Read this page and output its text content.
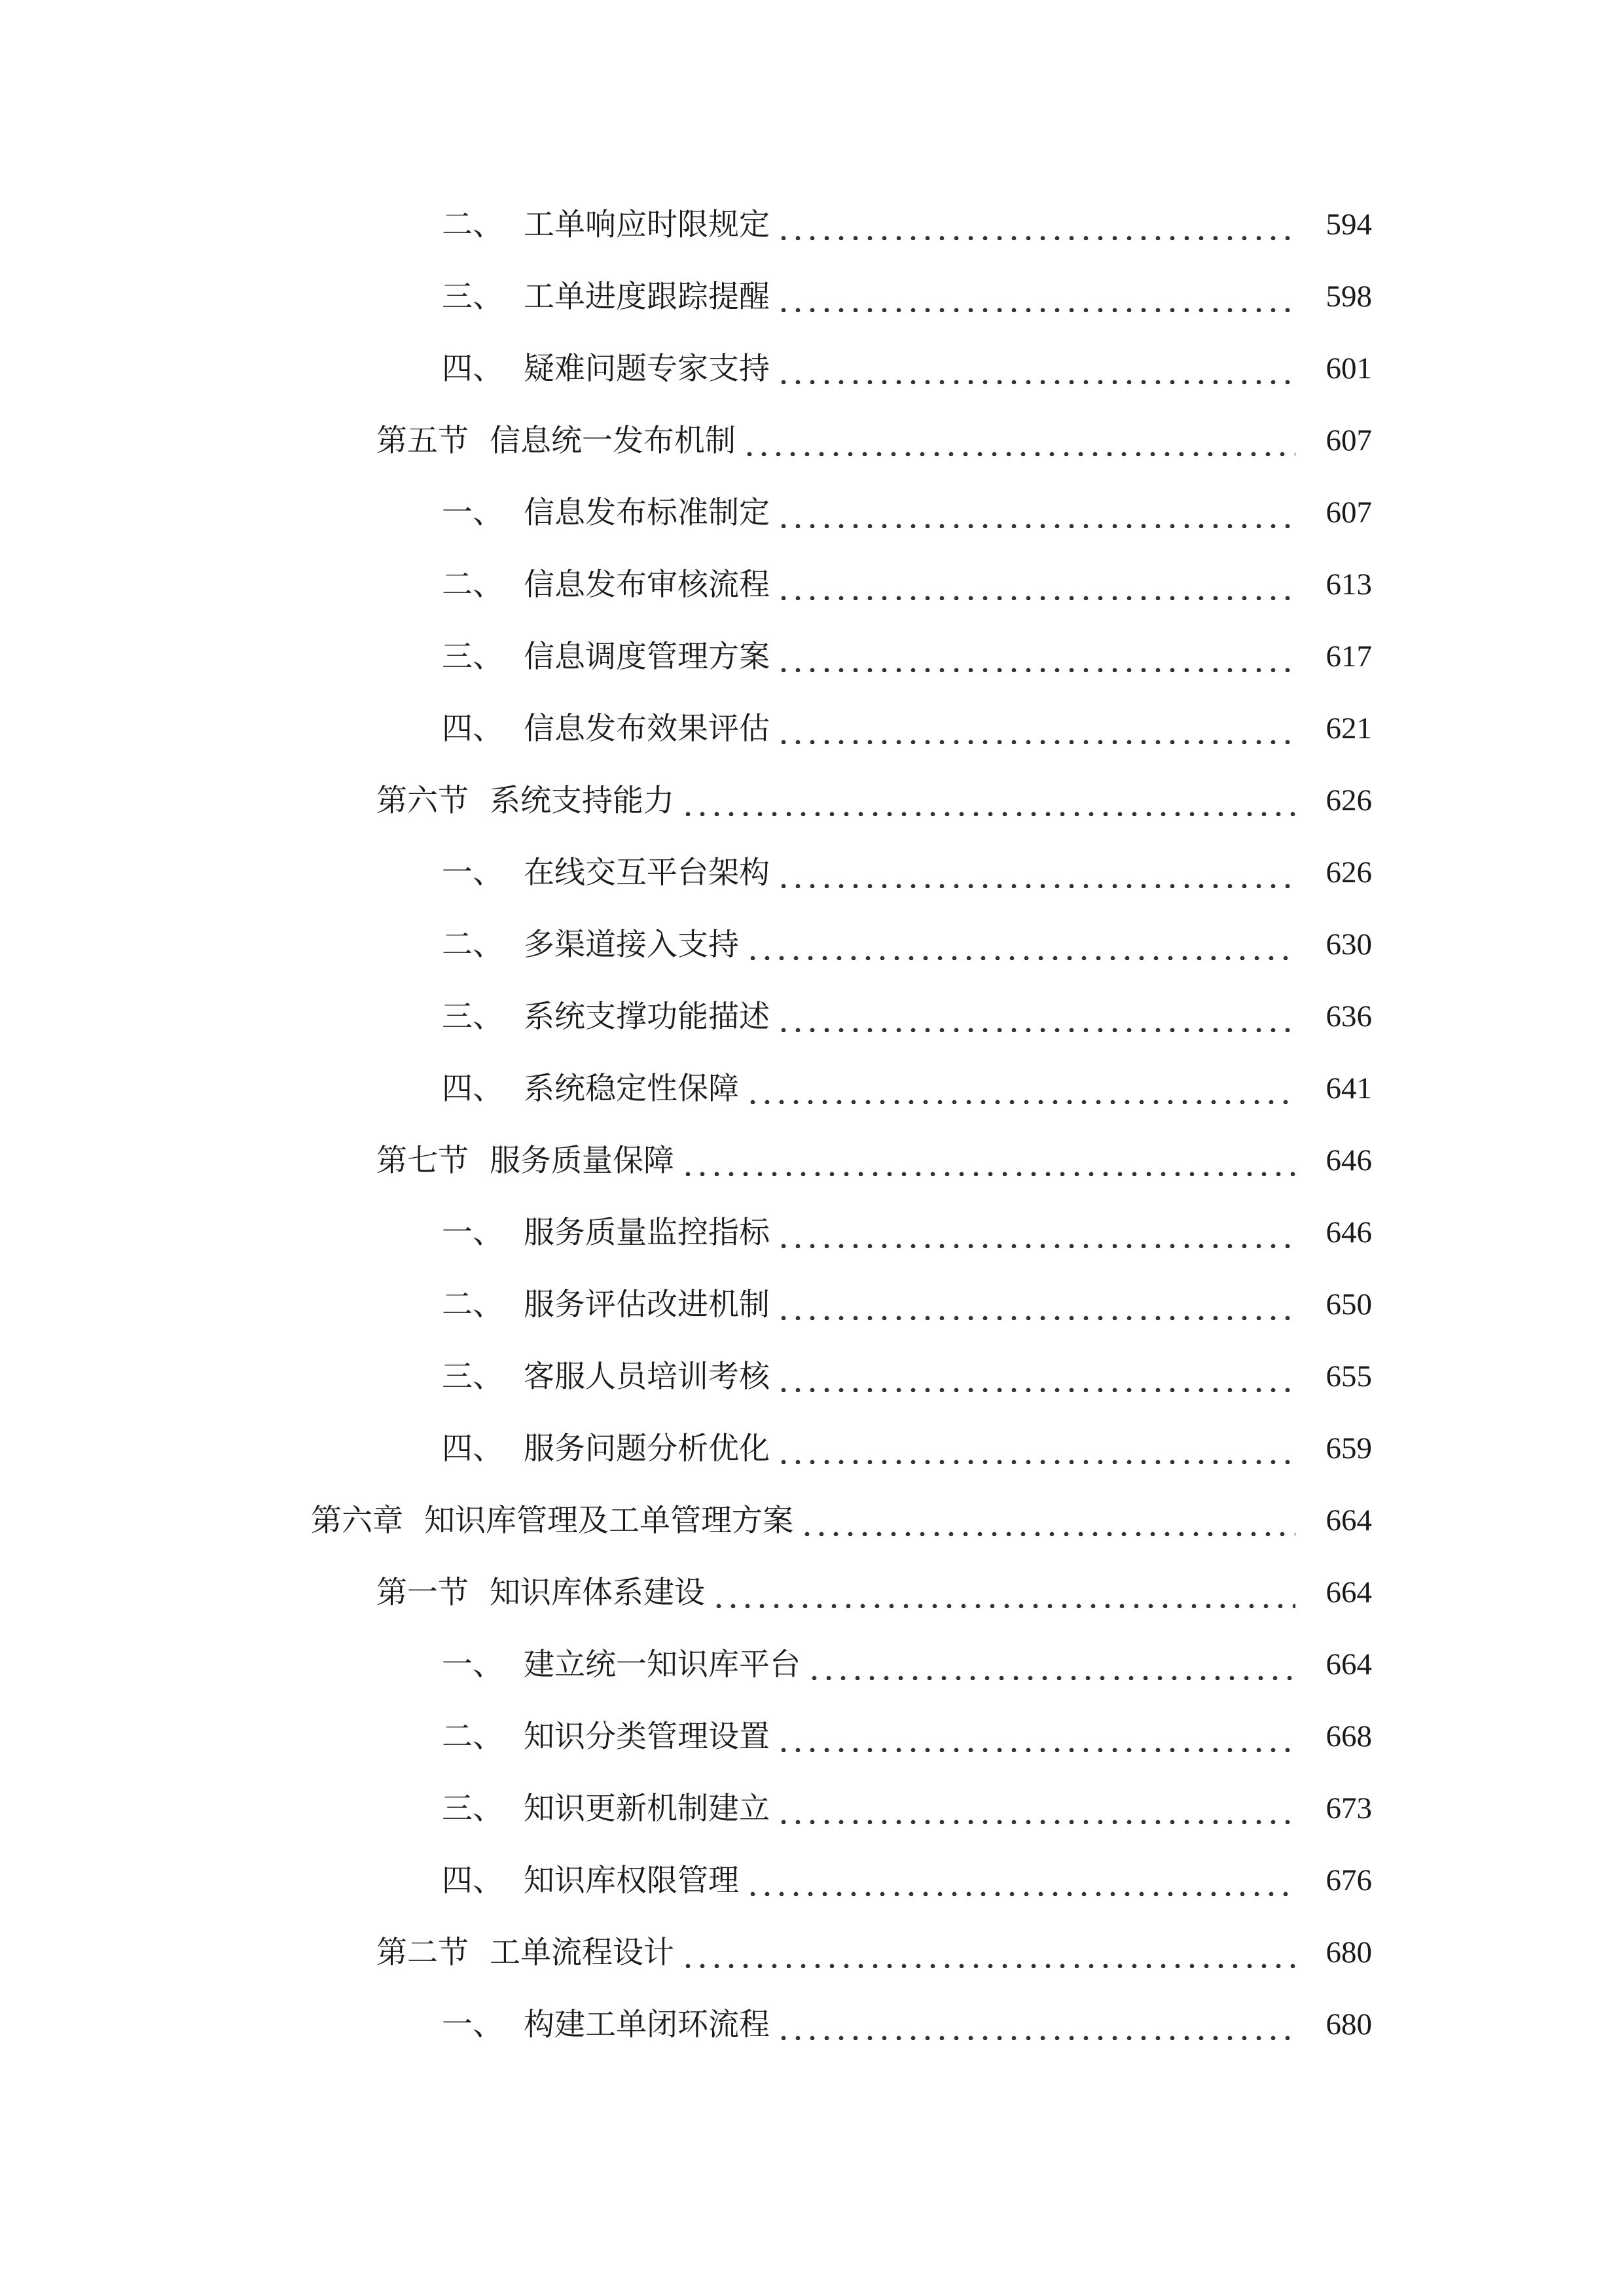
二、 工单响应时限规定	594
三、 工单进度跟踪提醒	598
四、 疑难问题专家支持	601
第五节 信息统一发布机制	607
一、 信息发布标准制定	607
二、 信息发布审核流程	613
三、 信息调度管理方案	617
四、 信息发布效果评估	621
第六节 系统支持能力	626
一、 在线交互平台架构	626
二、 多渠道接入支持	630
三、 系统支撑功能描述	636
四、 系统稳定性保障	641
第七节 服务质量保障	646
一、 服务质量监控指标	646
二、 服务评估改进机制	650
三、 客服人员培训考核	655
四、 服务问题分析优化	659
第六章 知识库管理及工单管理方案	664
第一节 知识库体系建设	664
一、 建立统一知识库平台	664
二、 知识分类管理设置	668
三、 知识更新机制建立	673
四、 知识库权限管理	676
第二节 工单流程设计	680
一、 构建工单闭环流程	680
